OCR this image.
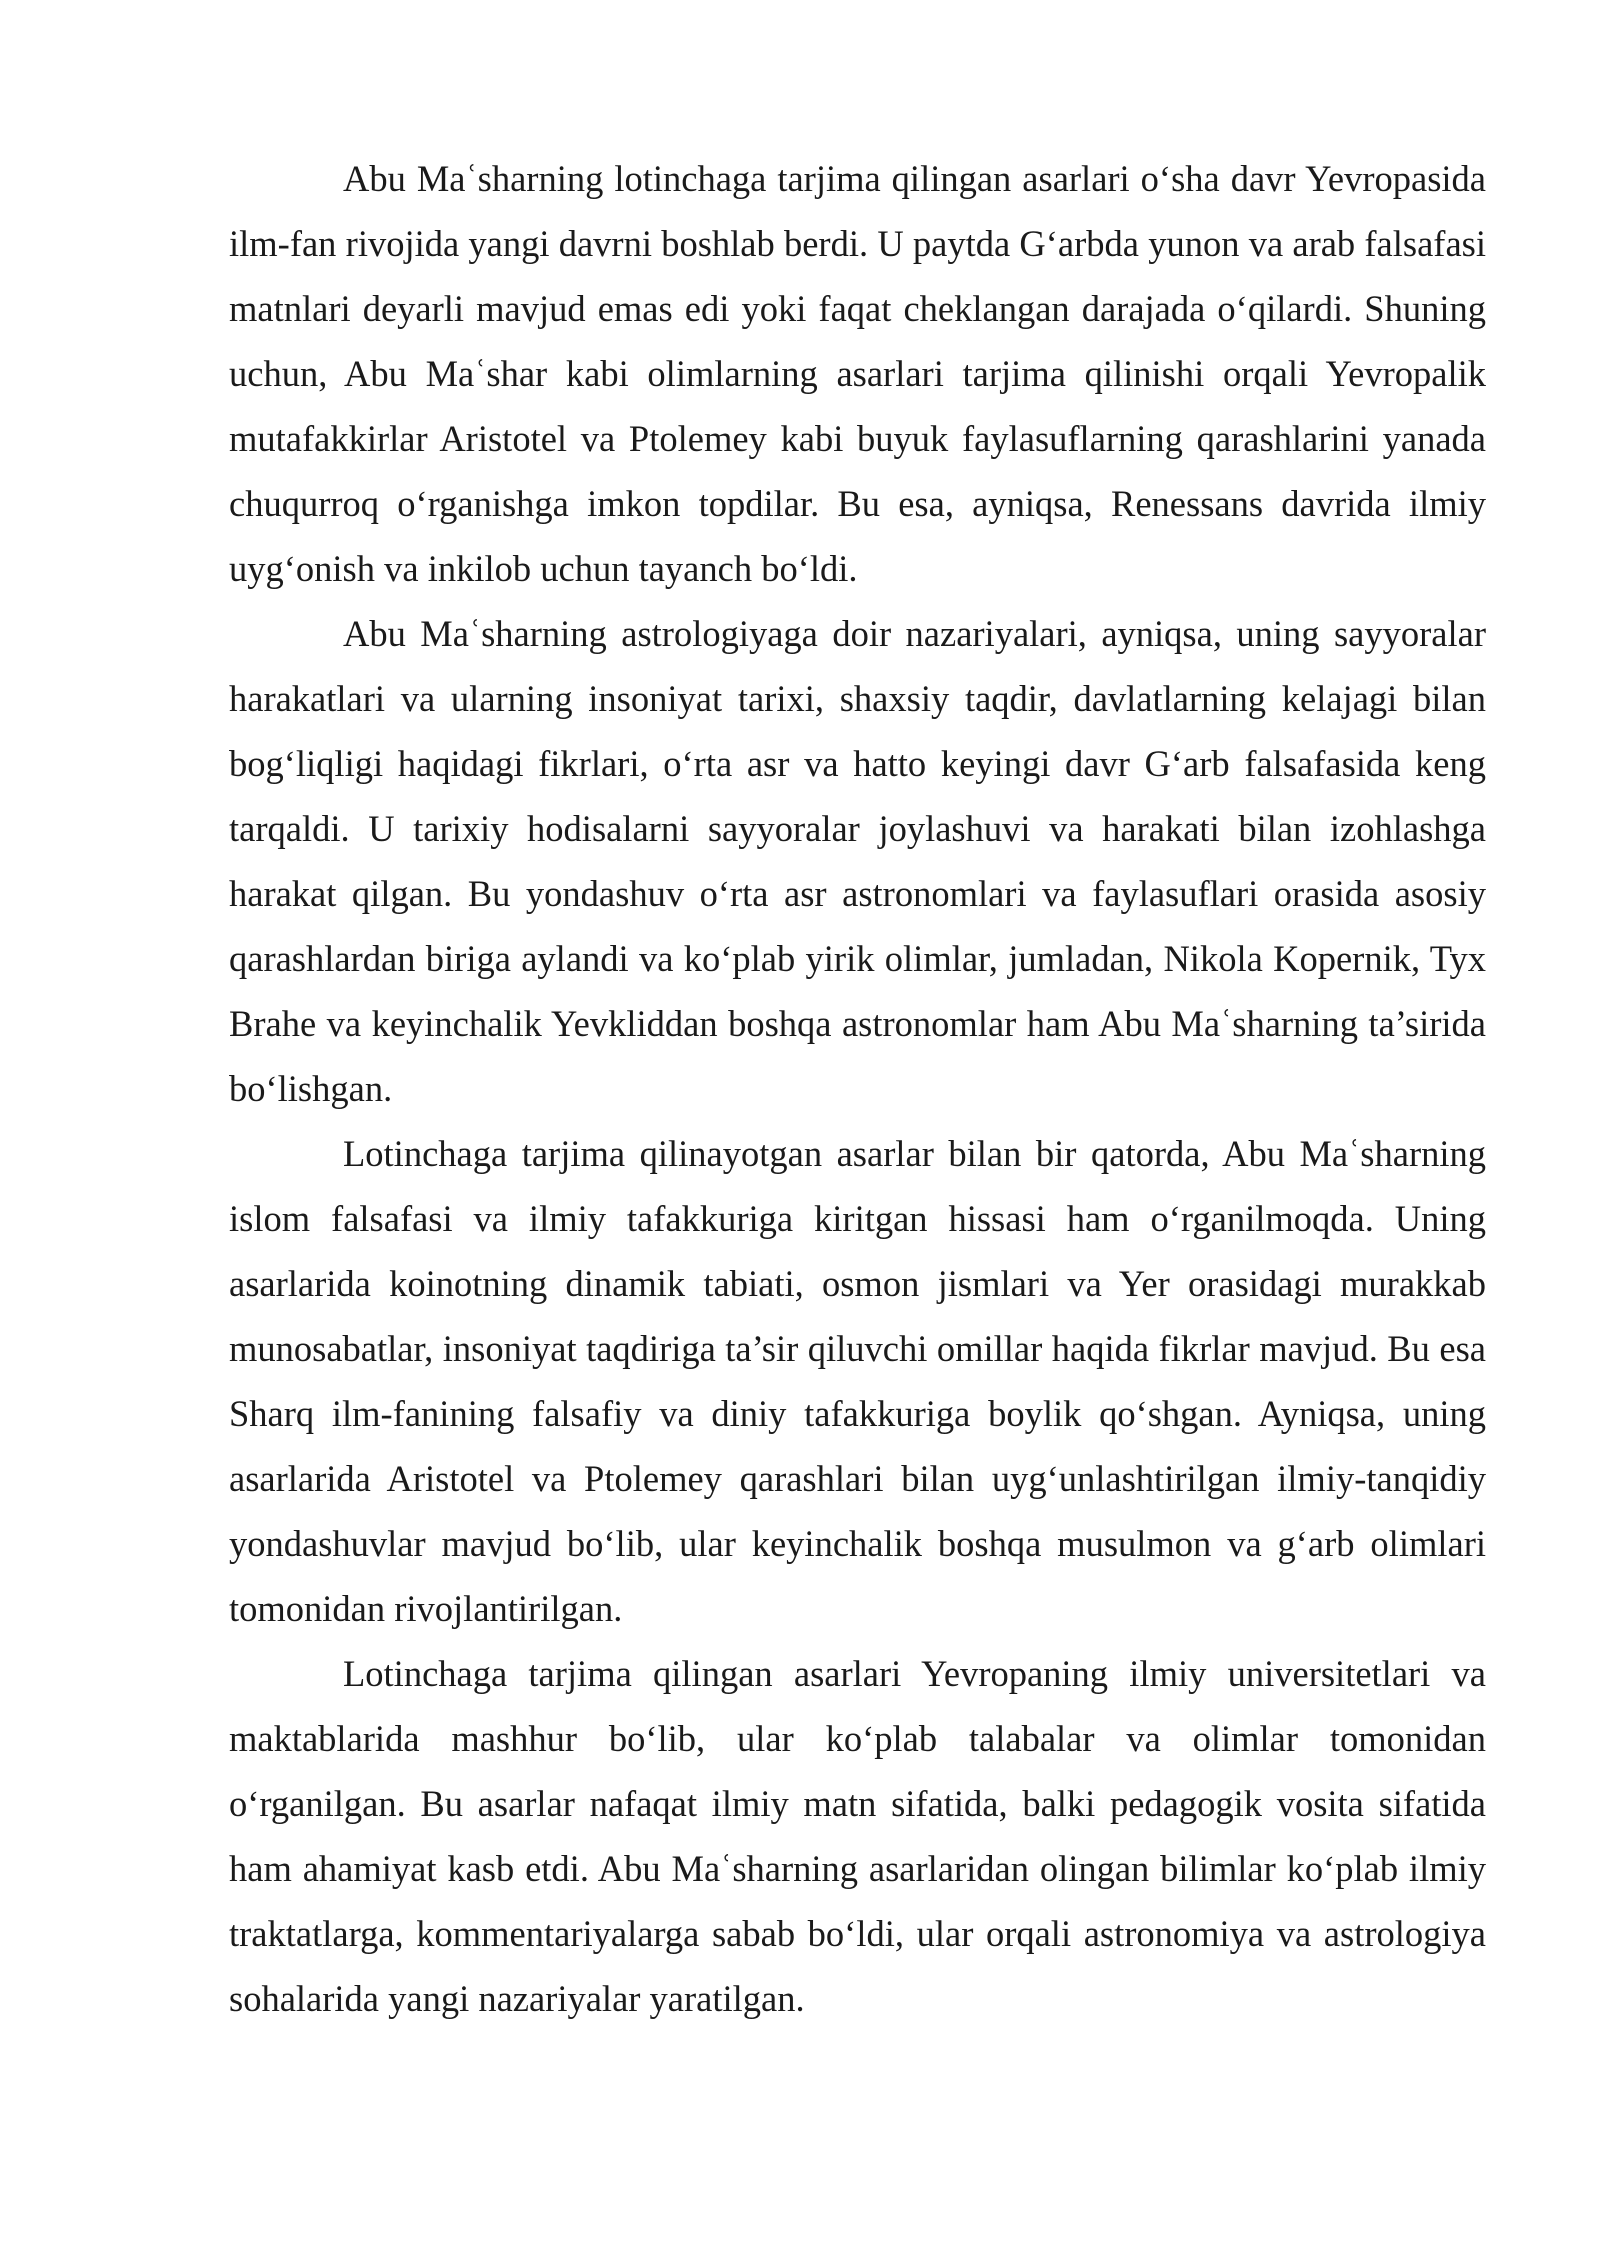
Abu Maʿsharning lotinchaga tarjima qilingan asarlari o‘sha davr Yevropasida ilm-fan rivojida yangi davrni boshlab berdi. U paytda G‘arbda yunon va arab falsafasi matnlari deyarli mavjud emas edi yoki faqat cheklangan darajada o‘qilardi. Shuning uchun, Abu Maʿshar kabi olimlarning asarlari tarjima qilinishi orqali Yevropalik mutafakkirlar Aristotel va Ptolemey kabi buyuk faylasuflarning qarashlarini yanada chuqurroq o‘rganishga imkon topdilar. Bu esa, ayniqsa, Renessans davrida ilmiy uyg‘onish va inkilob uchun tayanch bo‘ldi.

Abu Maʿsharning astrologiyaga doir nazariyalari, ayniqsa, uning sayyoralar harakatlari va ularning insoniyat tarixi, shaxsiy taqdir, davlatlarning kelajagi bilan bog‘liqligi haqidagi fikrlari, o‘rta asr va hatto keyingi davr G‘arb falsafasida keng tarqaldi. U tarixiy hodisalarni sayyoralar joylashuvi va harakati bilan izohlashga harakat qilgan. Bu yondashuv o‘rta asr astronomlari va faylasuflari orasida asosiy qarashlardan biriga aylandi va ko‘plab yirik olimlar, jumladan, Nikola Kopernik, Tyx Brahe va keyinchalik Yevkliddan boshqa astronomlar ham Abu Maʿsharning ta’sirida bo‘lishgan.

Lotinchaga tarjima qilinayotgan asarlar bilan bir qatorda, Abu Maʿsharning islom falsafasi va ilmiy tafakkuriga kiritgan hissasi ham o‘rganilmoqda. Uning asarlarida koinotning dinamik tabiati, osmon jismlari va Yer orasidagi murakkab munosabatlar, insoniyat taqdiriga ta’sir qiluvchi omillar haqida fikrlar mavjud. Bu esa Sharq ilm-fanining falsafiy va diniy tafakkuriga boylik qo‘shgan. Ayniqsa, uning asarlarida Aristotel va Ptolemey qarashlari bilan uyg‘unlashtirilgan ilmiy-tanqidiy yondashuvlar mavjud bo‘lib, ular keyinchalik boshqa musulmon va g‘arb olimlari tomonidan rivojlantirilgan.

Lotinchaga tarjima qilingan asarlari Yevropaning ilmiy universitetlari va maktablarida mashhur bo‘lib, ular ko‘plab talabalar va olimlar tomonidan o‘rganilgan. Bu asarlar nafaqat ilmiy matn sifatida, balki pedagogik vosita sifatida ham ahamiyat kasb etdi. Abu Maʿsharning asarlaridan olingan bilimlar ko‘plab ilmiy traktatlarga, kommentariyalarga sabab bo‘ldi, ular orqali astronomiya va astrologiya sohalarida yangi nazariyalar yaratilgan.
